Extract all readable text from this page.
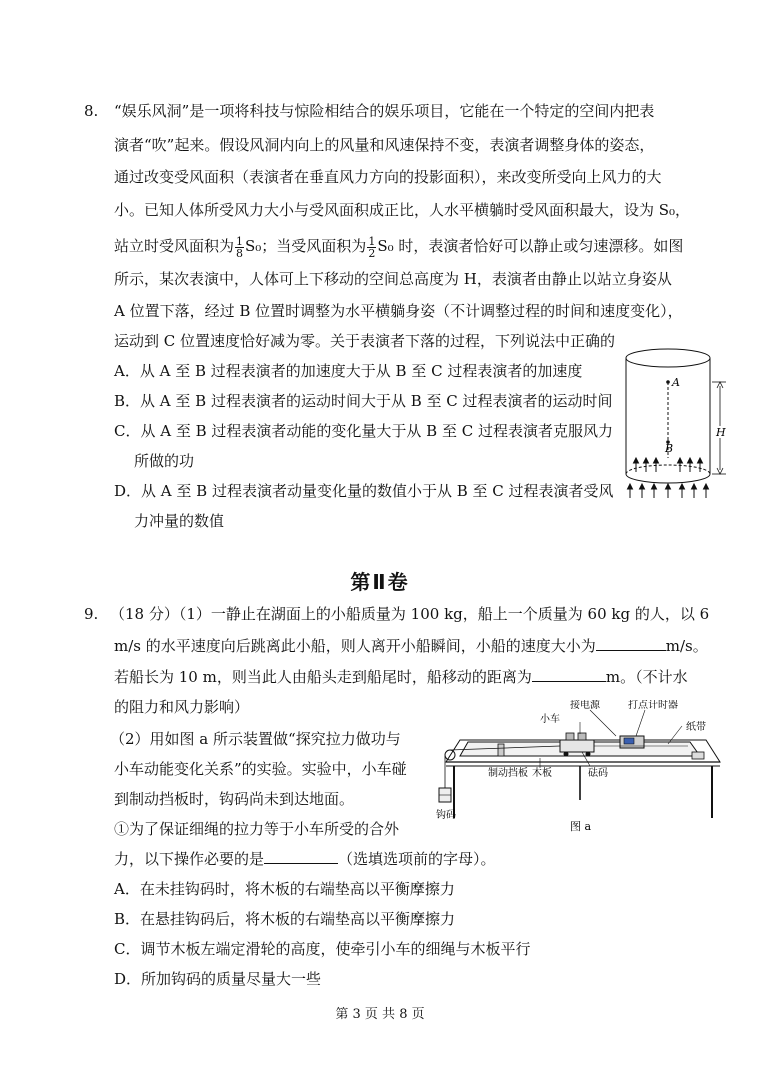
8. “娱乐风洞”是一项将科技与惊险相结合的娱乐项目，它能在一个特定的空间内把表
演者“吹”起来。假设风洞内向上的风量和风速保持不变，表演者调整身体的姿态，
通过改变受风面积（表演者在垂直风力方向的投影面积），来改变所受向上风力的大
小。已知人体所受风力大小与受风面积成正比，人水平横躺时受风面积最大，设为 S₀，
站立时受风面积为 $\frac{1}{8} S_0$；当受风面积为 $\frac{1}{2} S_0$ 时，表演者恰好可以静止或匀速漂移。如图
所示，某次表演中，人体可上下移动的空间总高度为 H，表演者由静止以站立身姿从
A 位置下落，经过 B 位置时调整为水平横躺身姿（不计调整过程的时间和速度变化），
运动到 C 位置速度恰好减为零。关于表演者下落的过程，下列说法中正确的
A．从 A 至 B 过程表演者的加速度大于从 B 至 C 过程表演者的加速度
B．从 A 至 B 过程表演者的运动时间大于从 B 至 C 过程表演者的运动时间
C．从 A 至 B 过程表演者动能的变化量大于从 B 至 C 过程表演者克服风力
所做的功
D．从 A 至 B 过程表演者动量变化量的数值小于从 B 至 C 过程表演者受风
力冲量的数值
A
B
H
第Ⅱ卷
9. （18 分）（1）一静止在湖面上的小船质量为 100 kg，船上一个质量为 60 kg 的人，以 6
m/s 的水平速度向后跳离此小船，则人离开小船瞬间，小船的速度大小为	m/s。
若船长为 10 m，则当此人由船头走到船尾时，船移动的距离为	m。（不计水
的阻力和风力影响）
（2）用如图 a 所示装置做“探究拉力做功与
小车动能变化关系”的实验。实验中，小车碰
到制动挡板时，钩码尚未到达地面。
①为了保证细绳的拉力等于小车所受的合外
力，以下操作必要的是	（选填选项前的字母）。
A．在未挂钩码时，将木板的右端垫高以平衡摩擦力
B．在悬挂钩码后，将木板的右端垫高以平衡摩擦力
C．调节木板左端定滑轮的高度，使牵引小车的细绳与木板平行
D．所加钩码的质量尽量大一些
接电源	打点计时器
小车
纸带
制动挡板 木板	砝码
钩码
图 a
第 3 页 共 8 页
